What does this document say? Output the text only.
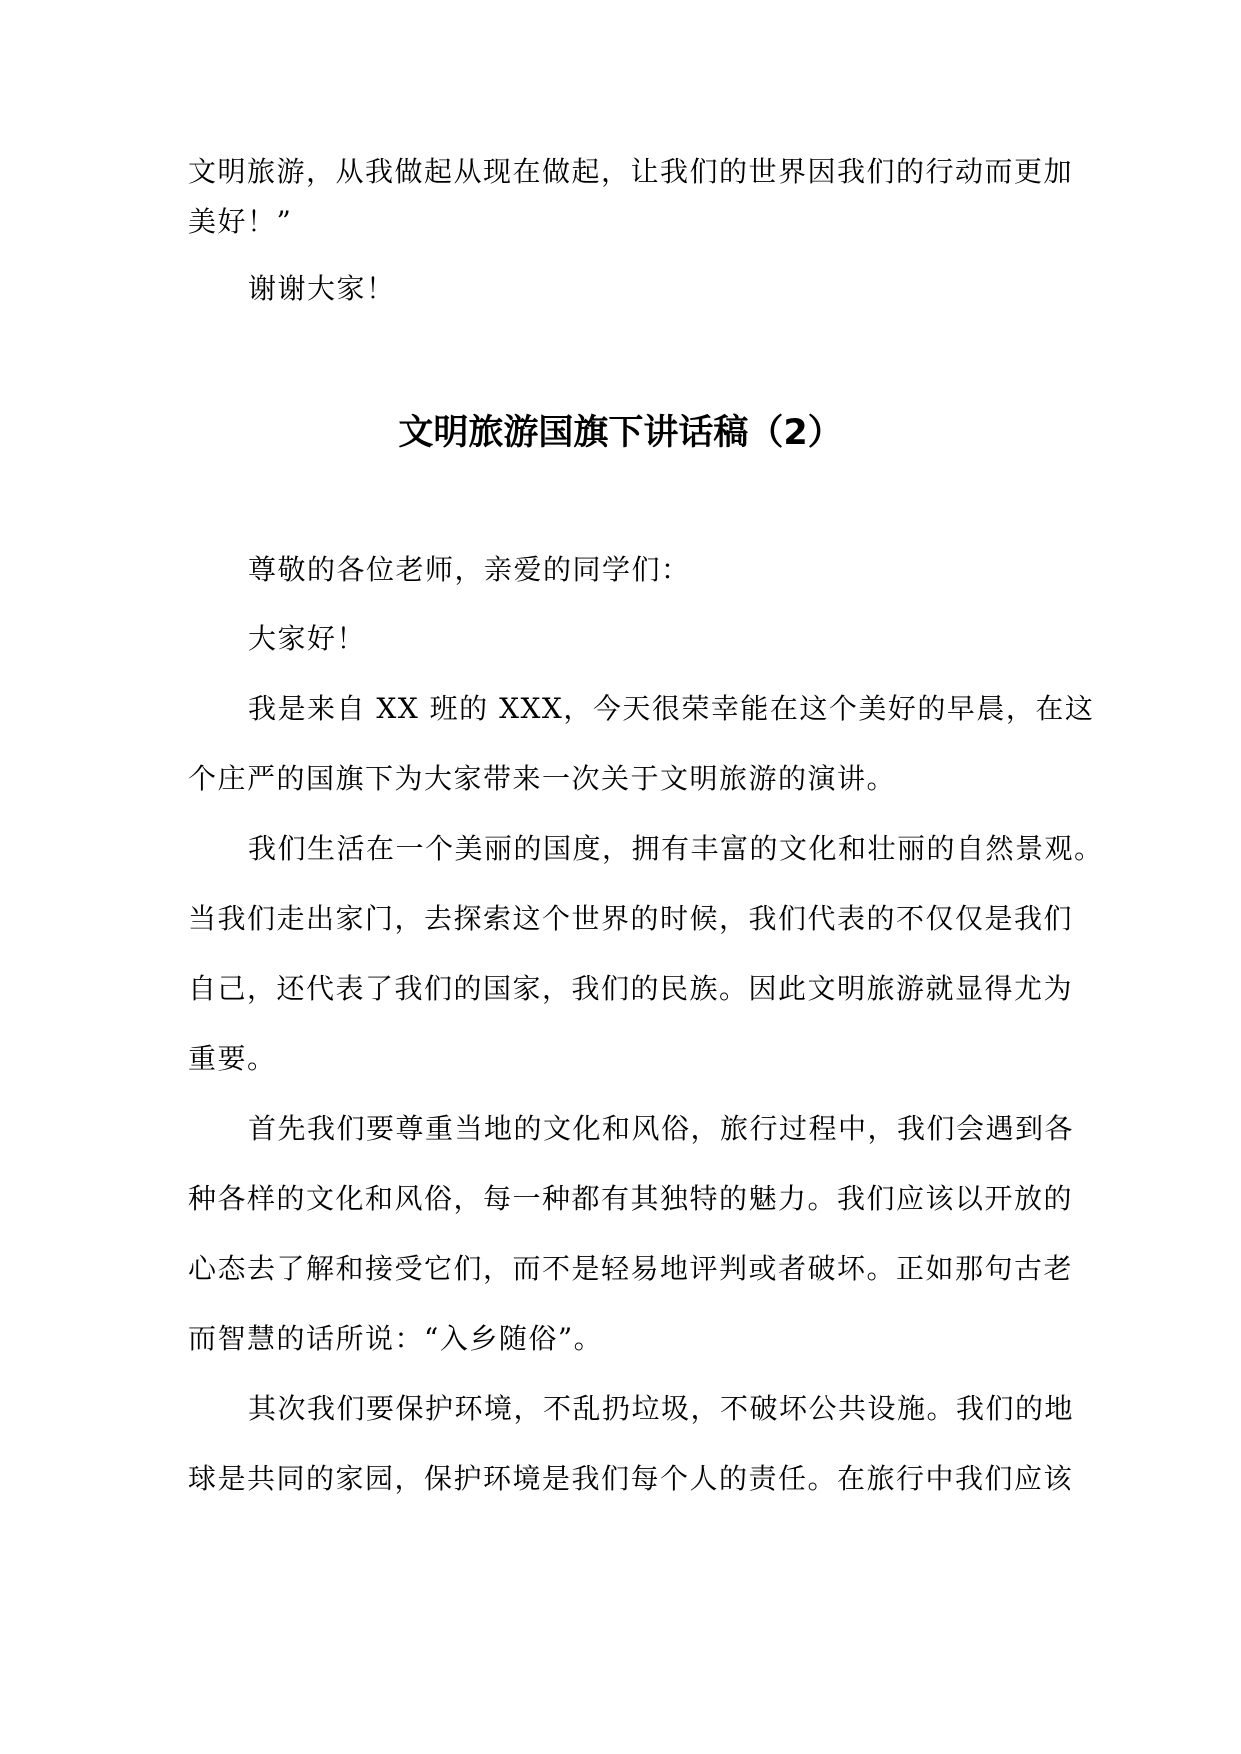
文明旅游，从我做起从现在做起，让我们的世界因我们的行动而更加
美好！”
谢谢大家！
文明旅游国旗下讲话稿（2）
尊敬的各位老师，亲爱的同学们：
大家好！
我是来自 XX 班的 XXX，今天很荣幸能在这个美好的早晨，在这
个庄严的国旗下为大家带来一次关于文明旅游的演讲。
我们生活在一个美丽的国度，拥有丰富的文化和壮丽的自然景观。
当我们走出家门，去探索这个世界的时候，我们代表的不仅仅是我们
自己，还代表了我们的国家，我们的民族。因此文明旅游就显得尤为
重要。
首先我们要尊重当地的文化和风俗，旅行过程中，我们会遇到各
种各样的文化和风俗，每一种都有其独特的魅力。我们应该以开放的
心态去了解和接受它们，而不是轻易地评判或者破坏。正如那句古老
而智慧的话所说：“入乡随俗”。
其次我们要保护环境，不乱扔垃圾，不破坏公共设施。我们的地
球是共同的家园，保护环境是我们每个人的责任。在旅行中我们应该
